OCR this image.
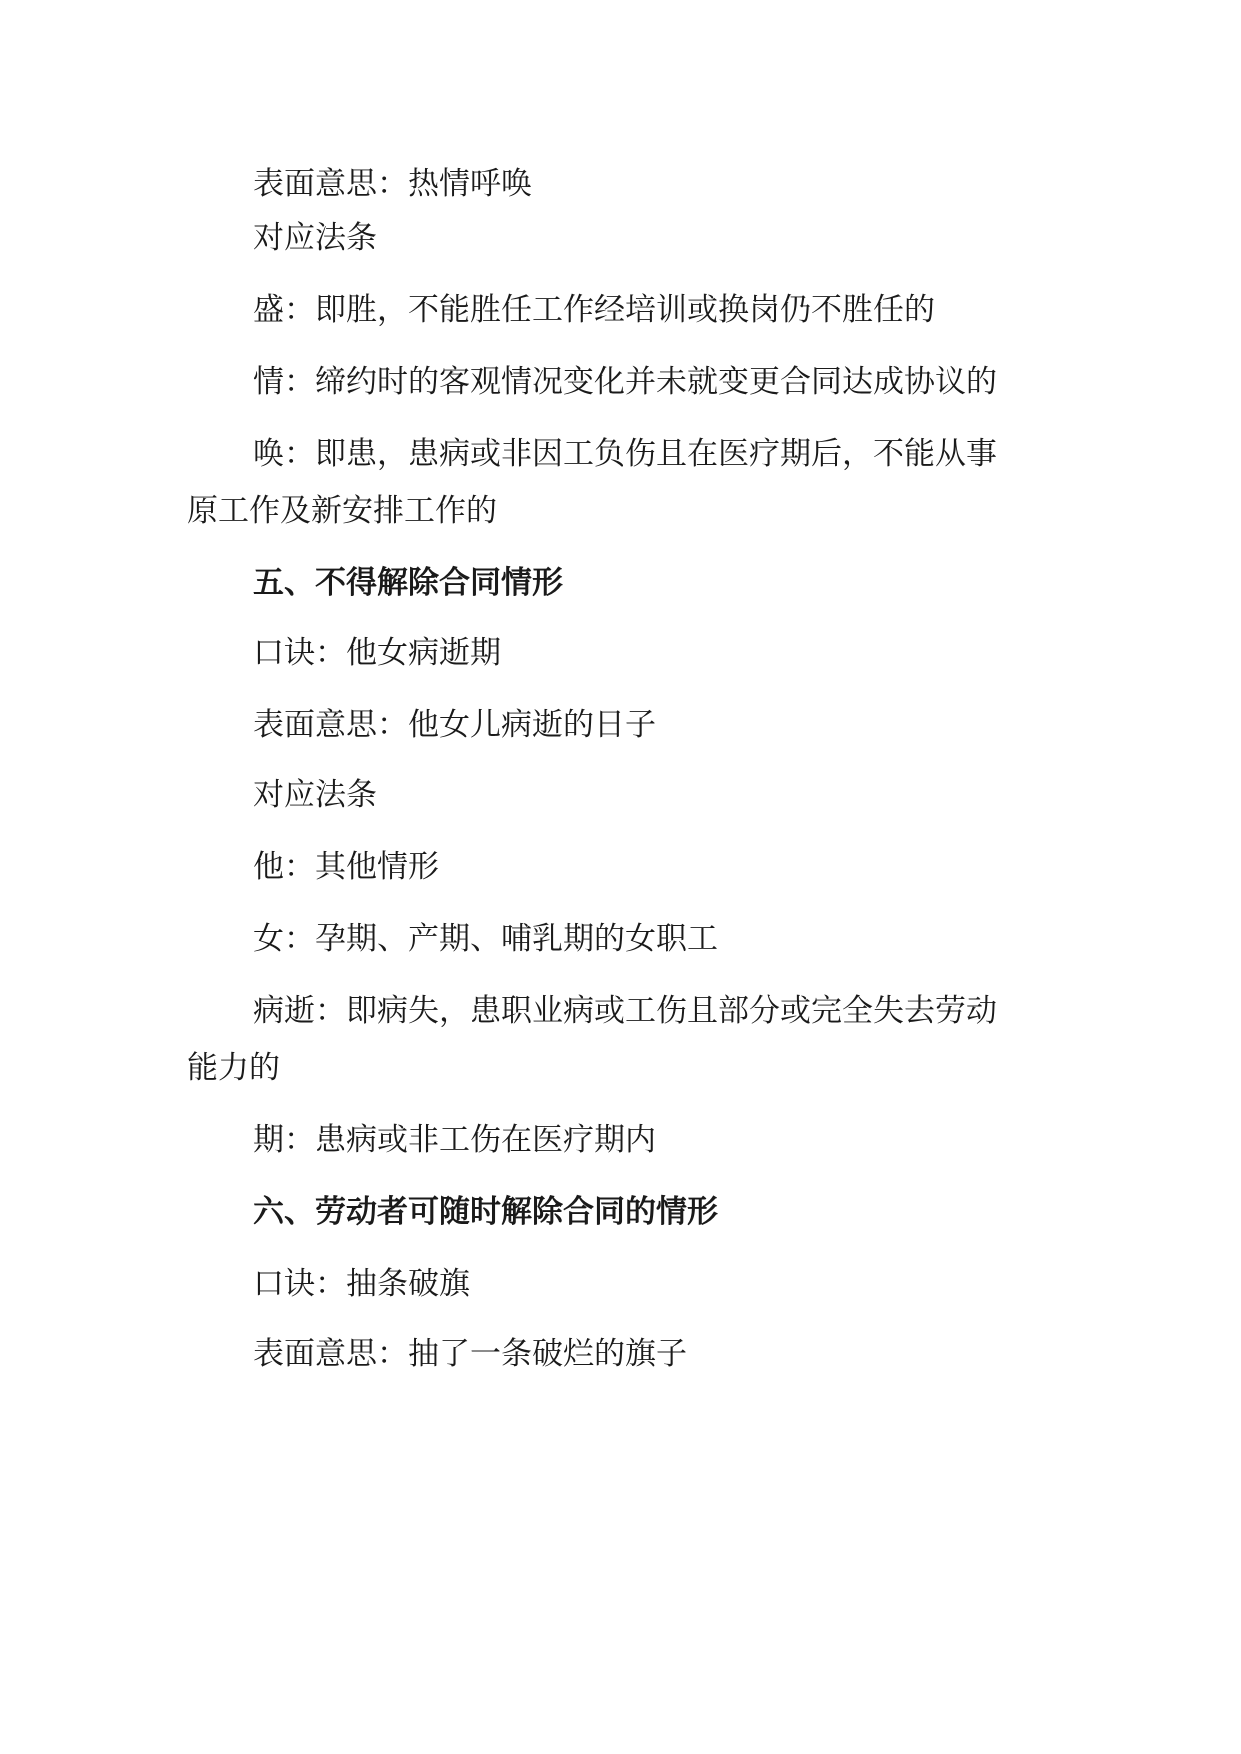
表面意思：热情呼唤

对应法条

盛：即胜，不能胜任工作经培训或换岗仍不胜任的

情：缔约时的客观情况变化并未就变更合同达成协议的

唤：即患，患病或非因工负伤且在医疗期后，不能从事

原工作及新安排工作的

五、不得解除合同情形

口诀：他女病逝期

表面意思：他女儿病逝的日子

对应法条

他：其他情形

女：孕期、产期、哺乳期的女职工

病逝：即病失，患职业病或工伤且部分或完全失去劳动

能力的

期：患病或非工伤在医疗期内

六、劳动者可随时解除合同的情形

口诀：抽条破旗

表面意思：抽了一条破烂的旗子
